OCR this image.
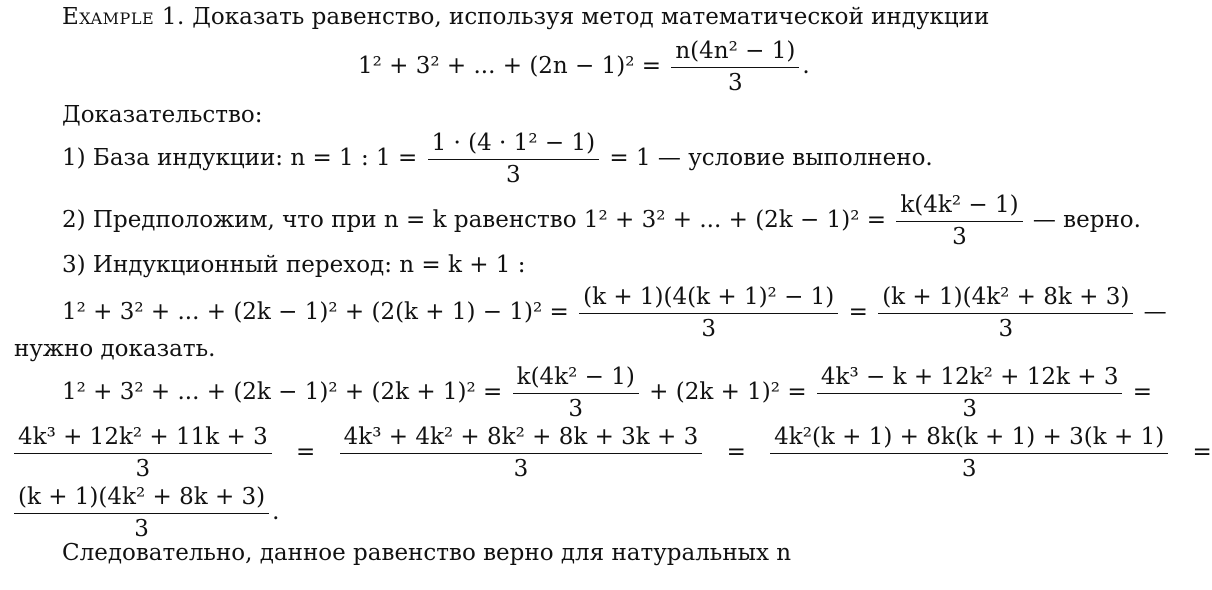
Example 1. Доказать равенство, используя метод математической индукции
1² + 3² + ... + $(2n - 1)^2 = \frac{\text{n(4n² − 1)}}{3}$ .
Доказательство:
1) База индукции: n = 1 : $1 = \frac{\text{1 · (4 · 1² − 1)}}{3} = 1$ — условие выполнено.
2) Предположим, что при n = k равенство 1² + 3² + ... + $(2k - 1)^2 = \frac{\text{k(4k² − 1)}}{3}$ — верно.
3) Индукционный переход: n = k + 1 :
1² + 3² + ... + $(2k - 1)^2 + (2(k + 1) - 1)^2 = \frac{\text{(k + 1)(4(k + 1)² − 1)}}{3} = \frac{\text{(k + 1)(4k² + 8k + 3)}}{3}$ —
нужно доказать.
1² + 3² + ... + $(2k - 1)^2 + (2k + 1)^2 = \frac{\text{k(4k² − 1)}}{3} + (2k + 1)^2 = \frac{\text{4k³ − k + 12k² + 12k + 3}}{3}$ =
$\frac{\text{4k³ + 12k² + 11k + 3}}{3} = \frac{\text{4k³ + 4k² + 8k² + 8k + 3k + 3}}{3} = \frac{\text{4k²(k + 1) + 8k(k + 1) + 3(k + 1)}}{3}$ =
$\frac{\text{(k + 1)(4k² + 8k + 3)}}{3}$ .
Следовательно, данное равенство верно для натуральных n
